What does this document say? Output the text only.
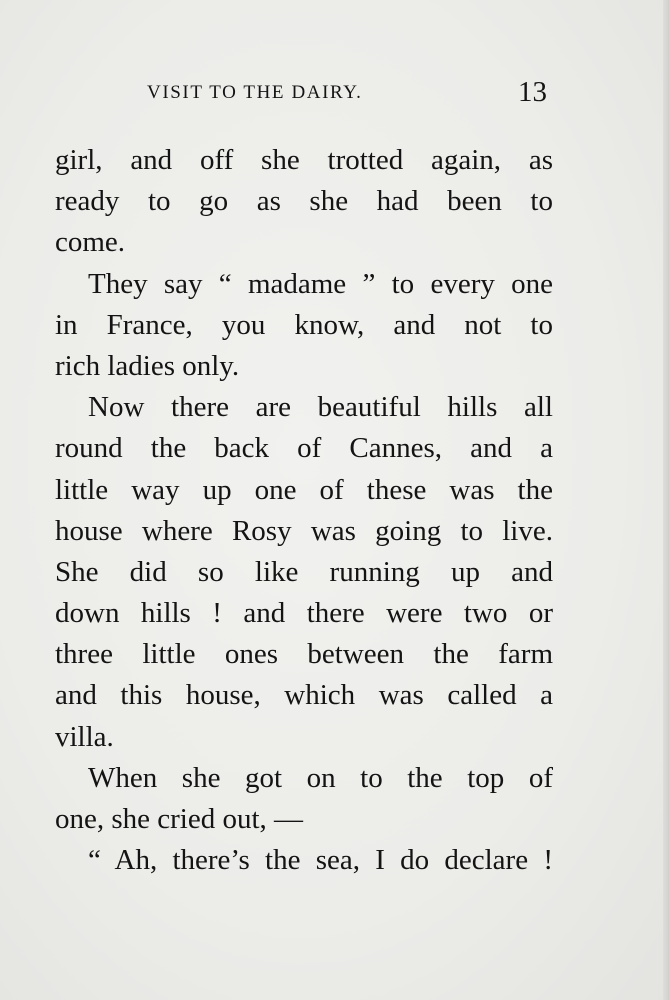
VISIT TO THE DAIRY.	13
girl, and off she trotted again, as
ready to go as she had been to
come.
They say “ madame ” to every one
in France, you know, and not to
rich ladies only.
Now there are beautiful hills all
round the back of Cannes, and a
little way up one of these was the
house where Rosy was going to live.
She did so like running up and
down hills ! and there were two or
three little ones between the farm
and this house, which was called a
villa.
When she got on to the top of
one, she cried out, —
“ Ah, there’s the sea, I do declare !
